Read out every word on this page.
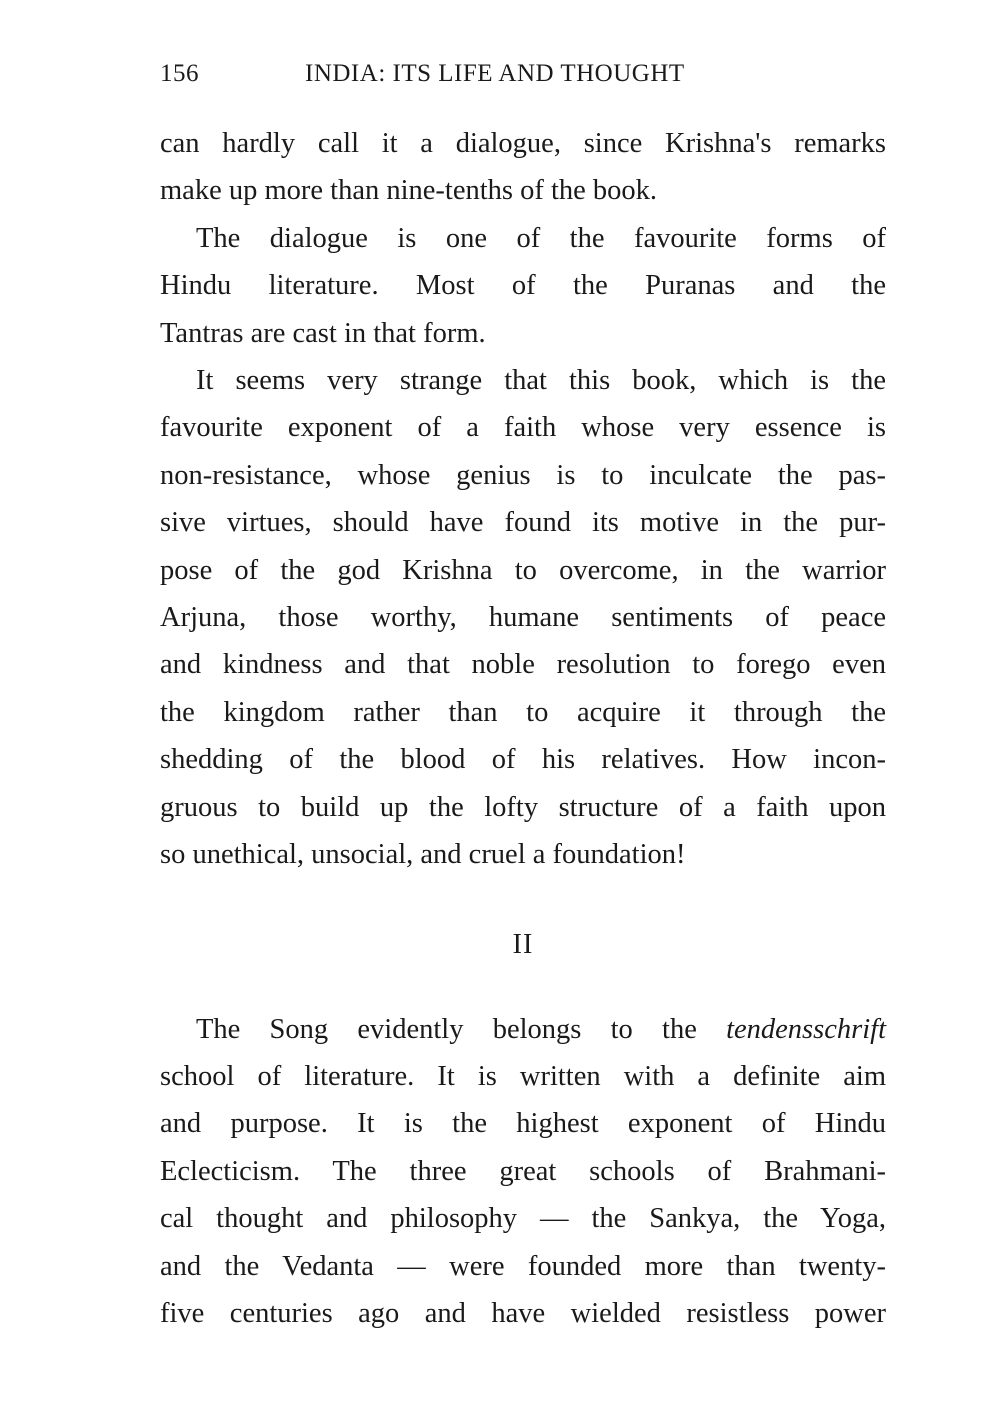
156	INDIA: ITS LIFE AND THOUGHT

can hardly call it a dialogue, since Krishna's remarks

make up more than nine-tenths of the book.

The dialogue is one of the favourite forms of

Hindu literature. Most of the Puranas and the

Tantras are cast in that form.

It seems very strange that this book, which is the

favourite exponent of a faith whose very essence is

non-resistance, whose genius is to inculcate the pas-

sive virtues, should have found its motive in the pur-

pose of the god Krishna to overcome, in the warrior

Arjuna, those worthy, humane sentiments of peace

and kindness and that noble resolution to forego even

the kingdom rather than to acquire it through the

shedding of the blood of his relatives. How incon-

gruous to build up the lofty structure of a faith upon

so unethical, unsocial, and cruel a foundation!

II

The Song evidently belongs to the tendensschrift

school of literature. It is written with a definite aim

and purpose. It is the highest exponent of Hindu

Eclecticism. The three great schools of Brahmani-

cal thought and philosophy — the Sankya, the Yoga,

and the Vedanta — were founded more than twenty-

five centuries ago and have wielded resistless power
